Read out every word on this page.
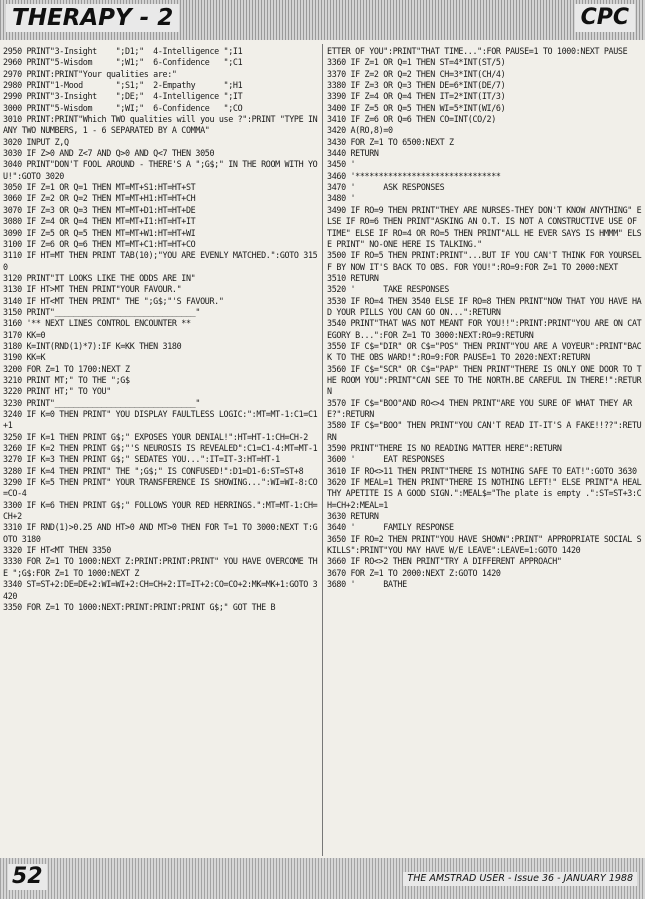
THERAPY - 2	CPC
2950 PRINT"3-Insight    ";D1;"  4-Intelligence ";I1
2960 PRINT"5-Wisdom     ";W1;"  6-Confidence   ";C1
2970 PRINT:PRINT"Your qualities are:"
2980 PRINT"1-Mood       ";S1;"  2-Empathy      ";H1
2990 PRINT"3-Insight    ";DE;"  4-Intelligence ";IT
3000 PRINT"5-Wisdom     ";WI;"  6-Confidence   ";CO
3010 PRINT:PRINT"Which TWO qualities will you use ?":PRINT "TYPE IN ANY TWO NUMBERS, 1 - 6 SEPARATED BY A COMMA"
3020 INPUT Z,Q
3030 IF Z>0 AND Z<7 AND Q>0 AND Q<7 THEN 3050
3040 PRINT"DON'T FOOL AROUND - THERE'S A ";G$;" IN THE ROOM WITH YOU!":GOTO 3020
3050 IF Z=1 OR Q=1 THEN MT=MT+S1:HT=HT+ST
3060 IF Z=2 OR Q=2 THEN MT=MT+H1:HT=HT+CH
3070 IF Z=3 OR Q=3 THEN MT=MT+D1:HT=HT+DE
3080 IF Z=4 OR Q=4 THEN MT=MT+I1:HT=HT+IT
3090 IF Z=5 OR Q=5 THEN MT=MT+W1:HT=HT+WI
3100 IF Z=6 OR Q=6 THEN MT=MT+C1:HT=HT+CO
3110 IF HT=MT THEN PRINT TAB(10);"YOU ARE EVENLY MATCHED.":GOTO 3150
3120 PRINT"IT LOOKS LIKE THE ODDS ARE IN"
3130 IF HT>MT THEN PRINT"YOUR FAVOUR."
3140 IF HT<MT THEN PRINT" THE ";G$;"'S FAVOUR."
3150 PRINT"______________________________"
3160 '** NEXT LINES CONTROL ENCOUNTER **
3170 KK=0
3180 K=INT(RND(1)*7):IF K=KK THEN 3180
3190 KK=K
3200 FOR Z=1 TO 1700:NEXT Z
3210 PRINT MT;" TO THE ";G$
3220 PRINT HT;" TO YOU"
3230 PRINT"______________________________"
3240 IF K=0 THEN PRINT" YOU DISPLAY FAULTLESS LOGIC:":MT=MT-1:C1=C1+1
3250 IF K=1 THEN PRINT G$;" EXPOSES YOUR DENIAL!":HT=HT-1:CH=CH-2
3260 IF K=2 THEN PRINT G$;"'S NEUROSIS IS REVEALED":C1=C1-4:MT=MT-1
3270 IF K=3 THEN PRINT G$;" SEDATES YOU...":IT=IT-3:HT=HT-1
3280 IF K=4 THEN PRINT" THE ";G$;" IS CONFUSED!":D1=D1-6:ST=ST+8
3290 IF K=5 THEN PRINT" YOUR TRANSFERENCE IS SHOWING...":WI=WI-8:CO=CO-4
3300 IF K=6 THEN PRINT G$;" FOLLOWS YOUR RED HERRINGS.":MT=MT-1:CH=CH+2
3310 IF RND(1)>0.25 AND HT>0 AND MT>0 THEN FOR T=1 TO 3000:NEXT T:GOTO 3180
3320 IF HT<MT THEN 3350
3330 FOR Z=1 TO 1000:NEXT Z:PRINT:PRINT:PRINT" YOU HAVE OVERCOME THE ";G$:FOR Z=1 TO 1000:NEXT Z
3340 ST=ST+2:DE=DE+2:WI=WI+2:CH=CH+2:IT=IT+2:CO=CO+2:MK=MK+1:GOTO 3420
3350 FOR Z=1 TO 1000:NEXT:PRINT:PRINT:PRINT G$;" GOT THE B
ETTER OF YOU":PRINT"THAT TIME...":FOR PAUSE=1 TO 1000:NEXT PAUSE
3360 IF Z=1 OR Q=1 THEN ST=4*INT(ST/5)
3370 IF Z=2 OR Q=2 THEN CH=3*INT(CH/4)
3380 IF Z=3 OR Q=3 THEN DE=6*INT(DE/7)
3390 IF Z=4 OR Q=4 THEN IT=2*INT(IT/3)
3400 IF Z=5 OR Q=5 THEN WI=5*INT(WI/6)
3410 IF Z=6 OR Q=6 THEN CO=INT(CO/2)
3420 A(RO,8)=0
3430 FOR Z=1 TO 6500:NEXT Z
3440 RETURN
3450 '
3460 '*******************************
3470 '      ASK RESPONSES
3480 '
3490 IF RO=9 THEN PRINT"THEY ARE NURSES-THEY DON'T KNOW ANYTHING" ELSE IF RO=6 THEN PRINT"ASKING AN O.T. IS NOT A CONSTRUCTIVE USE OF TIME" ELSE IF RO=4 OR RO=5 THEN PRINT"ALL HE EVER SAYS IS HMMM" ELSE PRINT" NO-ONE HERE IS TALKING."
3500 IF RO=5 THEN PRINT:PRINT"...BUT IF YOU CAN'T THINK FOR YOURSELF BY NOW IT'S BACK TO OBS. FOR YOU!":RO=9:FOR Z=1 TO 2000:NEXT
3510 RETURN
3520 '      TAKE RESPONSES
3530 IF RO=4 THEN 3540 ELSE IF RO=8 THEN PRINT"NOW THAT YOU HAVE HAD YOUR PILLS YOU CAN GO ON...":RETURN
3540 PRINT"THAT WAS NOT MEANT FOR YOU!!":PRINT:PRINT"YOU ARE ON CATEGORY B...":FOR Z=1 TO 3000:NEXT:RO=9:RETURN
3550 IF C$="DIR" OR C$="POS" THEN PRINT"YOU ARE A VOYEUR":PRINT"BACK TO THE OBS WARD!":RO=9:FOR PAUSE=1 TO 2020:NEXT:RETURN
3560 IF C$="SCR" OR C$="PAP" THEN PRINT"THERE IS ONLY ONE DOOR TO THE ROOM YOU":PRINT"CAN SEE TO THE NORTH.BE CAREFUL IN THERE!":RETURN
3570 IF C$="BOO"AND RO<>4 THEN PRINT"ARE YOU SURE OF WHAT THEY ARE?":RETURN
3580 IF C$="BOO" THEN PRINT"YOU CAN'T READ IT-IT'S A FAKE!!??":RETURN
3590 PRINT"THERE IS NO READING MATTER HERE":RETURN
3600 '      EAT RESPONSES
3610 IF RO<>11 THEN PRINT"THERE IS NOTHING SAFE TO EAT!":GOTO 3630
3620 IF MEAL=1 THEN PRINT"THERE IS NOTHING LEFT!" ELSE PRINT"A HEALTHY APETITE IS A GOOD SIGN.":MEAL$="The plate is empty .":ST=ST+3:CH=CH+2:MEAL=1
3630 RETURN
3640 '      FAMILY RESPONSE
3650 IF RO=2 THEN PRINT"YOU HAVE SHOWN":PRINT" APPROPRIATE SOCIAL SKILLS":PRINT"YOU MAY HAVE W/E LEAVE":LEAVE=1:GOTO 1420
3660 IF RO<>2 THEN PRINT"TRY A DIFFERENT APPROACH"
3670 FOR Z=1 TO 2000:NEXT Z:GOTO 1420
3680 '      BATHE
52	THE AMSTRAD USER - Issue 36 - JANUARY 1988
